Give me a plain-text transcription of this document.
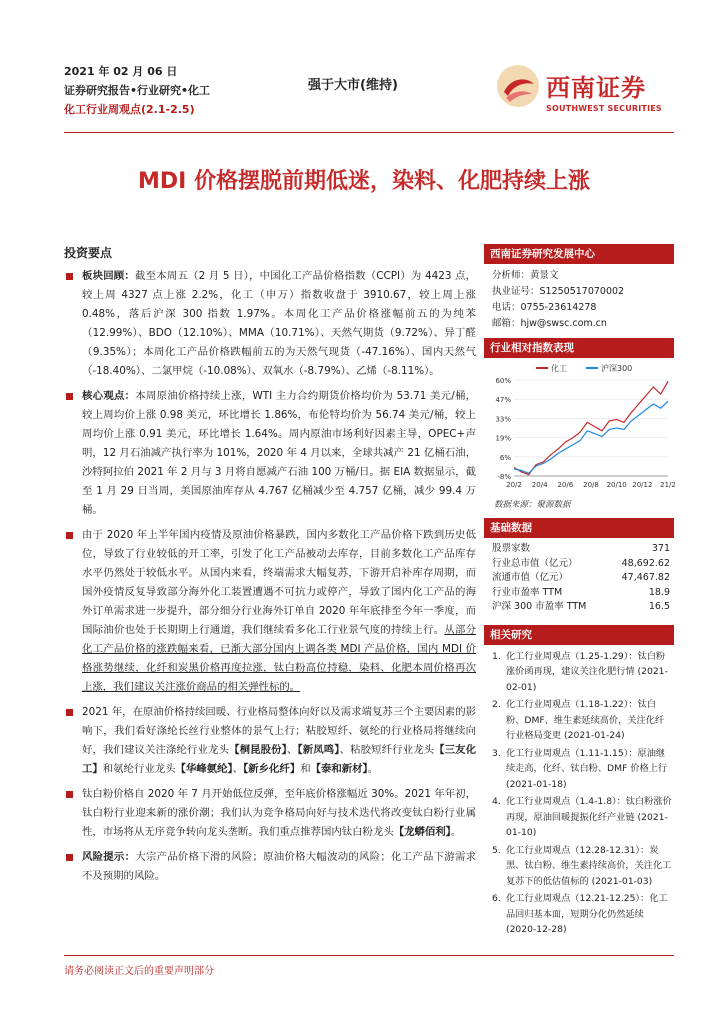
2021 年 02 月 06 日
证券研究报告•行业研究•化工
化工行业周观点(2.1-2.5)
强于大市(维持)	西南证券
SOUTHWEST SECURITIES
MDI 价格摆脱前期低迷，染料、化肥持续上涨
投资要点
板块回顾：截至本周五（2 月 5 日），中国化工产品价格指数（CCPI）为 4423 点，较上周 4327 点上涨 2.2%，化工（申万）指数收盘于 3910.67，较上周上涨 0.48%，落后沪深 300 指数 1.97%。本周化工产品价格涨幅前五的为纯苯（12.99%）、BDO（12.10%）、MMA（10.71%）、天然气期货（9.72%）、异丁醛（9.35%）；本周化工产品价格跌幅前五的为天然气现货（-47.16%）、国内天然气（-18.40%）、二氯甲烷（-10.08%）、双氧水（-8.79%）、乙烯（-8.11%）。
核心观点：本周原油价格持续上涨，WTI 主力合约期货价格均价为 53.71 美元/桶，较上周均价上涨 0.98 美元，环比增长 1.86%，布伦特均价为 56.74 美元/桶，较上周均价上涨 0.91 美元，环比增长 1.64%。周内原油市场利好因素主导，OPEC+声明，12 月石油减产执行率为 101%，2020 年 4 月以来，全球共减产 21 亿桶石油，沙特阿拉伯 2021 年 2 月与 3 月将自愿减产石油 100 万桶/日。据 EIA 数据显示，截至 1 月 29 日当周，美国原油库存从 4.767 亿桶减少至 4.757 亿桶，减少 99.4 万桶。
由于 2020 年上半年国内疫情及原油价格暴跌，国内多数化工产品价格下跌到历史低位，导致了行业较低的开工率，引发了化工产品被动去库存，目前多数化工产品库存水平仍然处于较低水平。从国内来看，终端需求大幅复苏，下游开启补库存周期，而国外疫情反复导致部分海外化工装置遭遇不可抗力或停产，导致了国内化工产品的海外订单需求进一步提升，部分细分行业海外订单自 2020 年年底排至今年一季度，而国际油价也处于长期期上行通道，我们继续看多化工行业景气度的持续上行。从部分化工产品价格的涨跌幅来看，已渐大部分国内上调各类 MDI 产品价格，国内 MDI 价格涨势继续，化纤和炭黑价格再度拉涨，钛白粉高位持稳，染料、化肥本周价格再次上涨，我们建议关注涨价商品的相关弹性标的。
2021 年，在原油价格持续回暖、行业格局整体向好以及需求端复苏三个主要因素的影响下，我们看好涤纶长丝行业整体的景气上行；粘胶短纤、氨纶的行业格局将继续向好，我们建议关注涤纶行业龙头【桐昆股份】、【新凤鸣】、粘胶短纤行业龙头【三友化工】和氨纶行业龙头【华峰氨纶】、【新乡化纤】和【泰和新材】。
钛白粉价格自 2020 年 7 月开始低位反弹，至年底价格涨幅近 30%。2021 年年初，钛白粉行业迎来新的涨价潮；我们认为竞争格局向好与技术迭代将改变钛白粉行业属性，市场将从无序竞争转向龙头垄断。我们重点推荐国内钛白粉龙头【龙蟒佰利】。
风险提示：大宗产品价格下滑的风险；原油价格大幅波动的风险；化工产品下游需求不及预期的风险。
西南证券研究发展中心
分析师：黄景文
执业证号：S1250517070002
电话：0755-23614278
邮箱：hjw@swsc.com.cn
行业相对指数表现
化工	沪深300
-8%
6%
19%
33%
47%
60%
20/2 20/4 20/6 20/8 20/10 20/12 21/2
数据来源：聚源数据
基础数据
股票家数	371
行业总市值（亿元）	48,692.62
流通市值（亿元）	47,467.82
行业市盈率 TTM	18.9
沪深 300 市盈率 TTM	16.5
相关研究
1. 化工行业周观点（1.25-1.29）：钛白粉涨价函再现，建议关注化肥行情 (2021-02-01)
2. 化工行业周观点（1.18-1.22）：钛白粉、DMF、维生素延续高价，关注化纤行业格局变更 (2021-01-24)
3. 化工行业周观点（1.11-1.15）：原油继续走高，化纤、钛白粉、DMF 价格上行 (2021-01-18)
4. 化工行业周观点（1.4-1.8）：钛白粉涨价再现，原油回暖提振化纤产业链 (2021-01-10)
5. 化工行业周观点（12.28-12.31）：炭黑、钛白粉、维生素持续高价，关注化工复苏下的低估值标的 (2021-01-03)
6. 化工行业周观点（12.21-12.25）：化工品回归基本面，短期分化仍然延续 (2020-12-28)
请务必阅读正文后的重要声明部分
